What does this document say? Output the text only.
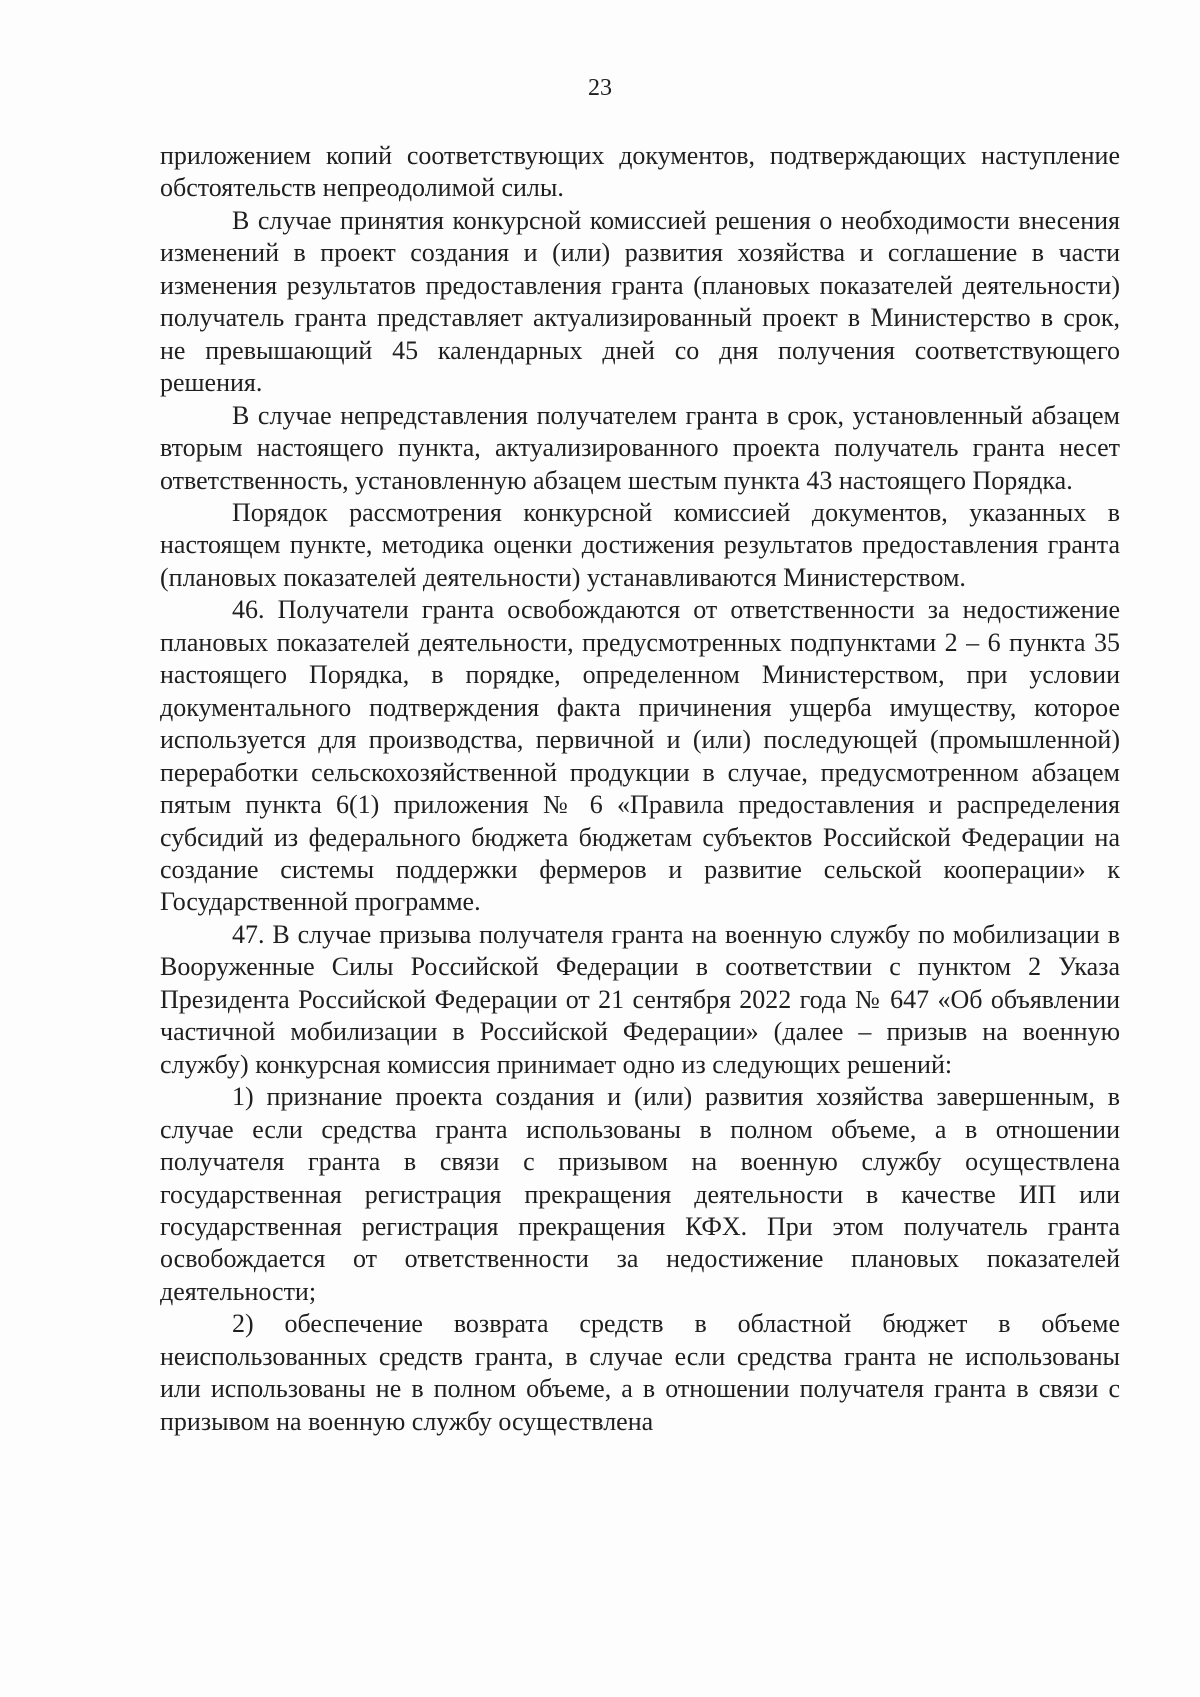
23

приложением копий соответствующих документов, подтверждающих наступление обстоятельств непреодолимой силы.

В случае принятия конкурсной комиссией решения о необходимости внесения изменений в проект создания и (или) развития хозяйства и соглашение в части изменения результатов предоставления гранта (плановых показателей деятельности) получатель гранта представляет актуализированный проект в Министерство в срок, не превышающий 45 календарных дней со дня получения соответствующего решения.

В случае непредставления получателем гранта в срок, установленный абзацем вторым настоящего пункта, актуализированного проекта получатель гранта несет ответственность, установленную абзацем шестым пункта 43 настоящего Порядка.

Порядок рассмотрения конкурсной комиссией документов, указанных в настоящем пункте, методика оценки достижения результатов предоставления гранта (плановых показателей деятельности) устанавливаются Министерством.

46. Получатели гранта освобождаются от ответственности за недостижение плановых показателей деятельности, предусмотренных подпунктами 2 – 6 пункта 35 настоящего Порядка, в порядке, определенном Министерством, при условии документального подтверждения факта причинения ущерба имуществу, которое используется для производства, первичной и (или) последующей (промышленной) переработки сельскохозяйственной продукции в случае, предусмотренном абзацем пятым пункта 6(1) приложения № 6 «Правила предоставления и распределения субсидий из федерального бюджета бюджетам субъектов Российской Федерации на создание системы поддержки фермеров и развитие сельской кооперации» к Государственной программе.

47. В случае призыва получателя гранта на военную службу по мобилизации в Вооруженные Силы Российской Федерации в соответствии с пунктом 2 Указа Президента Российской Федерации от 21 сентября 2022 года № 647 «Об объявлении частичной мобилизации в Российской Федерации» (далее – призыв на военную службу) конкурсная комиссия принимает одно из следующих решений:

1) признание проекта создания и (или) развития хозяйства завершенным, в случае если средства гранта использованы в полном объеме, а в отношении получателя гранта в связи с призывом на военную службу осуществлена государственная регистрация прекращения деятельности в качестве ИП или государственная регистрация прекращения КФХ. При этом получатель гранта освобождается от ответственности за недостижение плановых показателей деятельности;

2) обеспечение возврата средств в областной бюджет в объеме неиспользованных средств гранта, в случае если средства гранта не использованы или использованы не в полном объеме, а в отношении получателя гранта в связи с призывом на военную службу осуществлена
